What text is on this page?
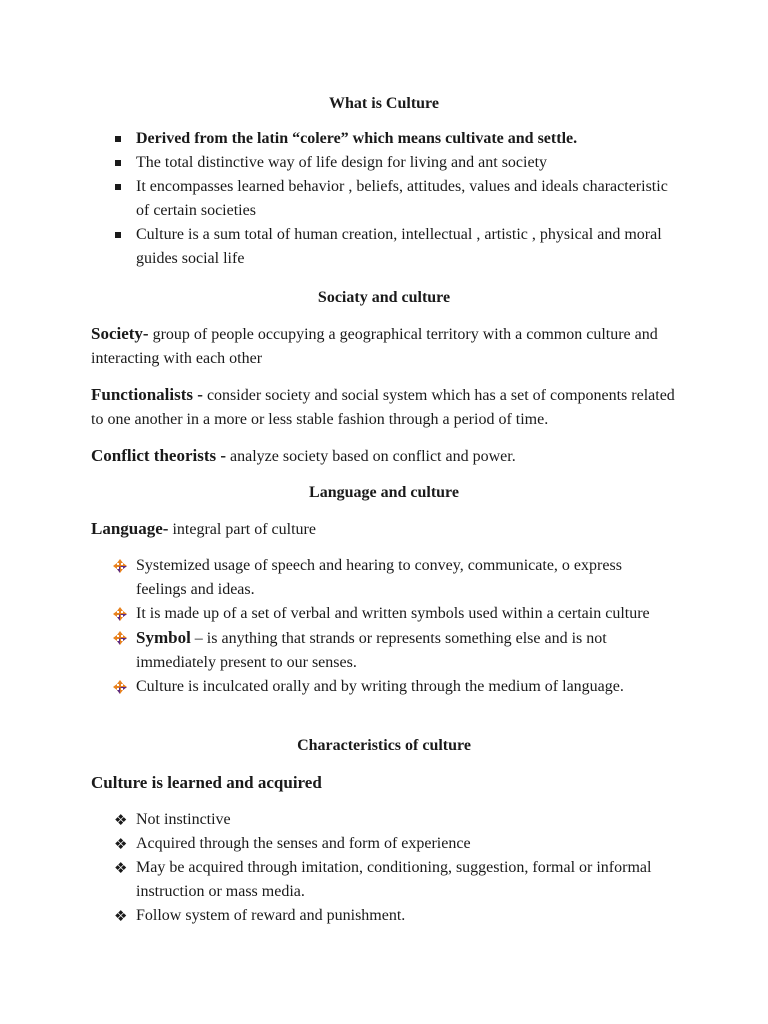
What is Culture
Derived from the latin “colere” which means cultivate and settle.
The total distinctive way of life design for living and ant society
It encompasses learned behavior , beliefs, attitudes, values and ideals characteristic of certain societies
Culture is a sum total of human creation, intellectual , artistic , physical and moral guides social life
Sociaty and culture
Society- group of people occupying a geographical territory with a common culture and interacting with each other
Functionalists - consider society and social system which has a set of components related to one another in a more or less stable fashion through a period of time.
Conflict theorists - analyze society based on conflict and power.
Language and culture
Language- integral part of culture
Systemized usage of speech and hearing to convey, communicate, o express feelings and ideas.
It is made up of a set of verbal and written symbols used within a certain culture
Symbol – is anything that strands or represents something else and is not immediately present to our senses.
Culture is inculcated orally and by writing through the medium of language.
Characteristics of culture
Culture is learned and acquired
❖ Not instinctive
❖ Acquired through the senses and form of experience
❖ May be acquired through imitation, conditioning, suggestion, formal or informal instruction or mass media.
❖ Follow system of reward and punishment.
